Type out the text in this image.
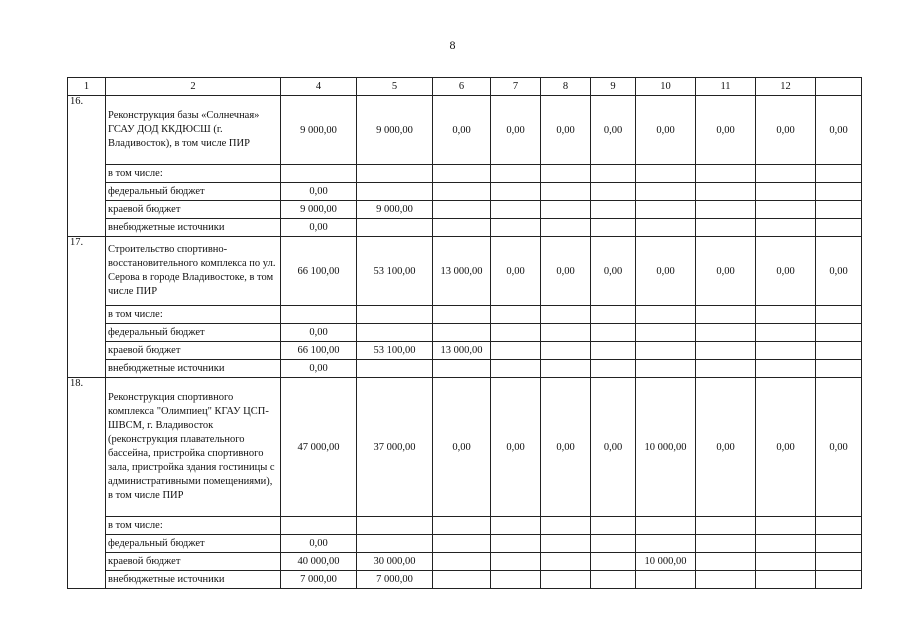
8
1	2	4	5	6	7	8	9	10	11	12	
16.	Реконструкция базы «Солнечная» ГСАУ ДОД ККДЮСШ (г. Владивосток), в том числе ПИР	9 000,00	9 000,00	0,00	0,00	0,00	0,00	0,00	0,00	0,00	0,00
	в том числе:										
	федеральный бюджет	0,00									
	краевой бюджет	9 000,00	9 000,00								
	внебюджетные источники	0,00									
17.	Строительство спортивно-восстановительного комплекса по ул. Серова в городе Владивостоке, в том числе ПИР	66 100,00	53 100,00	13 000,00	0,00	0,00	0,00	0,00	0,00	0,00	0,00
	в том числе:										
	федеральный бюджет	0,00									
	краевой бюджет	66 100,00	53 100,00	13 000,00							
	внебюджетные источники	0,00									
18.	Реконструкция спортивного комплекса "Олимпиец" КГАУ ЦСП-ШВСМ, г. Владивосток (реконструкция плавательного бассейна, пристройка спортивного зала, пристройка здания гостиницы с административными помещениями), в том числе ПИР	47 000,00	37 000,00	0,00	0,00	0,00	0,00	10 000,00	0,00	0,00	0,00
	в том числе:										
	федеральный бюджет	0,00									
	краевой бюджет	40 000,00	30 000,00					10 000,00			
	внебюджетные источники	7 000,00	7 000,00								
